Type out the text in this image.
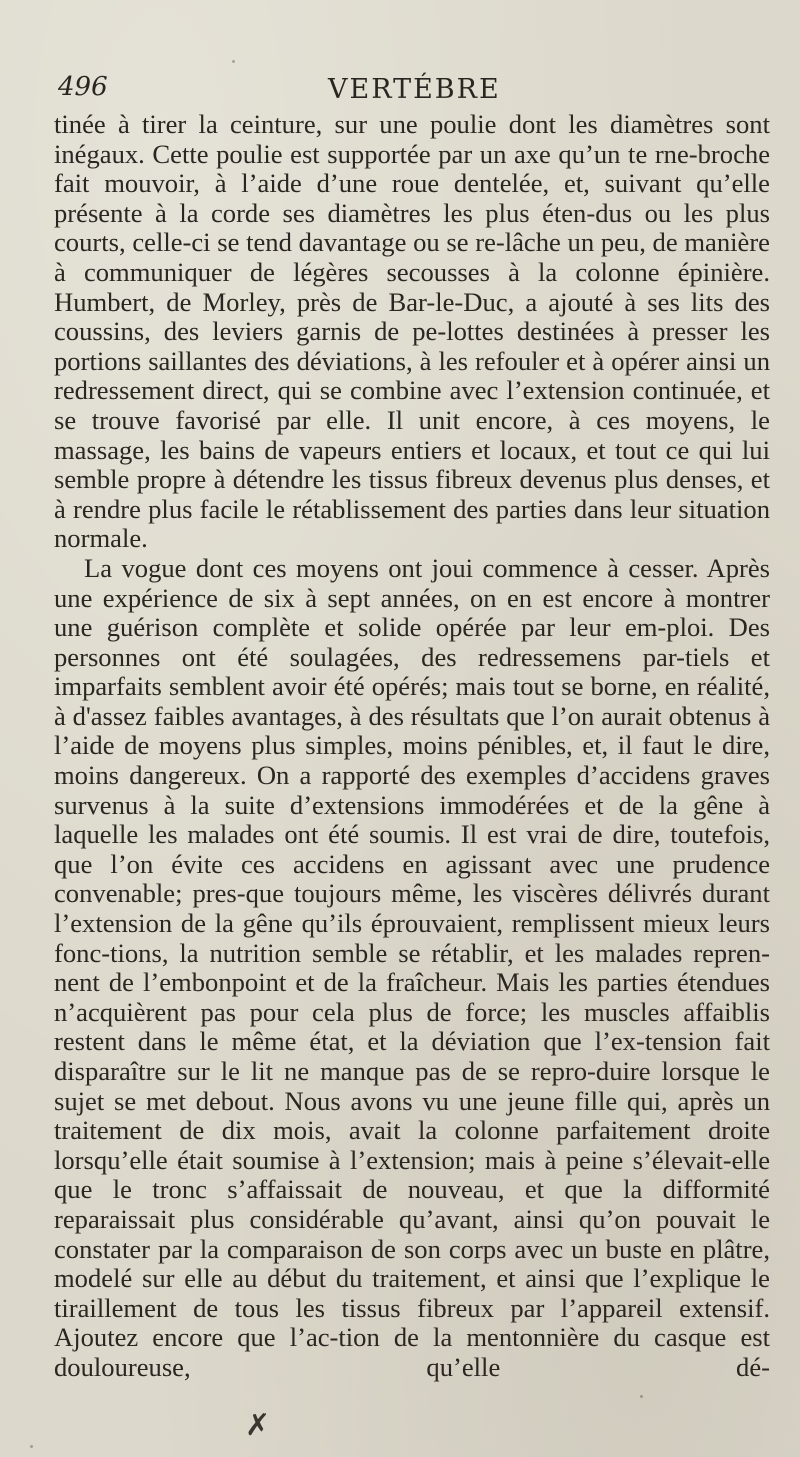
496	VERTÉBRE

tinée à tirer la ceinture, sur une poulie dont les diamètres sont inégaux. Cette poulie est supportée par un axe qu’un te rne-broche fait mouvoir, à l’aide d’une roue dentelée, et, suivant qu’elle présente à la corde ses diamètres les plus éten-dus ou les plus courts, celle-ci se tend davantage ou se re-lâche un peu, de manière à communiquer de légères secousses à la colonne épinière. Humbert, de Morley, près de Bar-le-Duc, a ajouté à ses lits des coussins, des leviers garnis de pe-lottes destinées à presser les portions saillantes des déviations, à les refouler et à opérer ainsi un redressement direct, qui se combine avec l’extension continuée, et se trouve favorisé par elle. Il unit encore, à ces moyens, le massage, les bains de vapeurs entiers et locaux, et tout ce qui lui semble propre à détendre les tissus fibreux devenus plus denses, et à rendre plus facile le rétablissement des parties dans leur situation normale.

La vogue dont ces moyens ont joui commence à cesser. Après une expérience de six à sept années, on en est encore à montrer une guérison complète et solide opérée par leur em-ploi. Des personnes ont été soulagées, des redressemens par-tiels et imparfaits semblent avoir été opérés; mais tout se borne, en réalité, à d'assez faibles avantages, à des résultats que l’on aurait obtenus à l’aide de moyens plus simples, moins pénibles, et, il faut le dire, moins dangereux. On a rapporté des exemples d’accidens graves survenus à la suite d’extensions immodérées et de la gêne à laquelle les malades ont été soumis. Il est vrai de dire, toutefois, que l’on évite ces accidens en agissant avec une prudence convenable; pres-que toujours même, les viscères délivrés durant l’extension de la gêne qu’ils éprouvaient, remplissent mieux leurs fonc-tions, la nutrition semble se rétablir, et les malades repren-nent de l’embonpoint et de la fraîcheur. Mais les parties étendues n’acquièrent pas pour cela plus de force; les muscles affaiblis restent dans le même état, et la déviation que l’ex-tension fait disparaître sur le lit ne manque pas de se repro-duire lorsque le sujet se met debout. Nous avons vu une jeune fille qui, après un traitement de dix mois, avait la colonne parfaitement droite lorsqu’elle était soumise à l’extension; mais à peine s’élevait-elle que le tronc s’affaissait de nouveau, et que la difformité reparaissait plus considérable qu’avant, ainsi qu’on pouvait le constater par la comparaison de son corps avec un buste en plâtre, modelé sur elle au début du traitement, et ainsi que l’explique le tiraillement de tous les tissus fibreux par l’appareil extensif. Ajoutez encore que l’ac-tion de la mentonnière du casque est douloureuse, qu’elle dé-

✗
